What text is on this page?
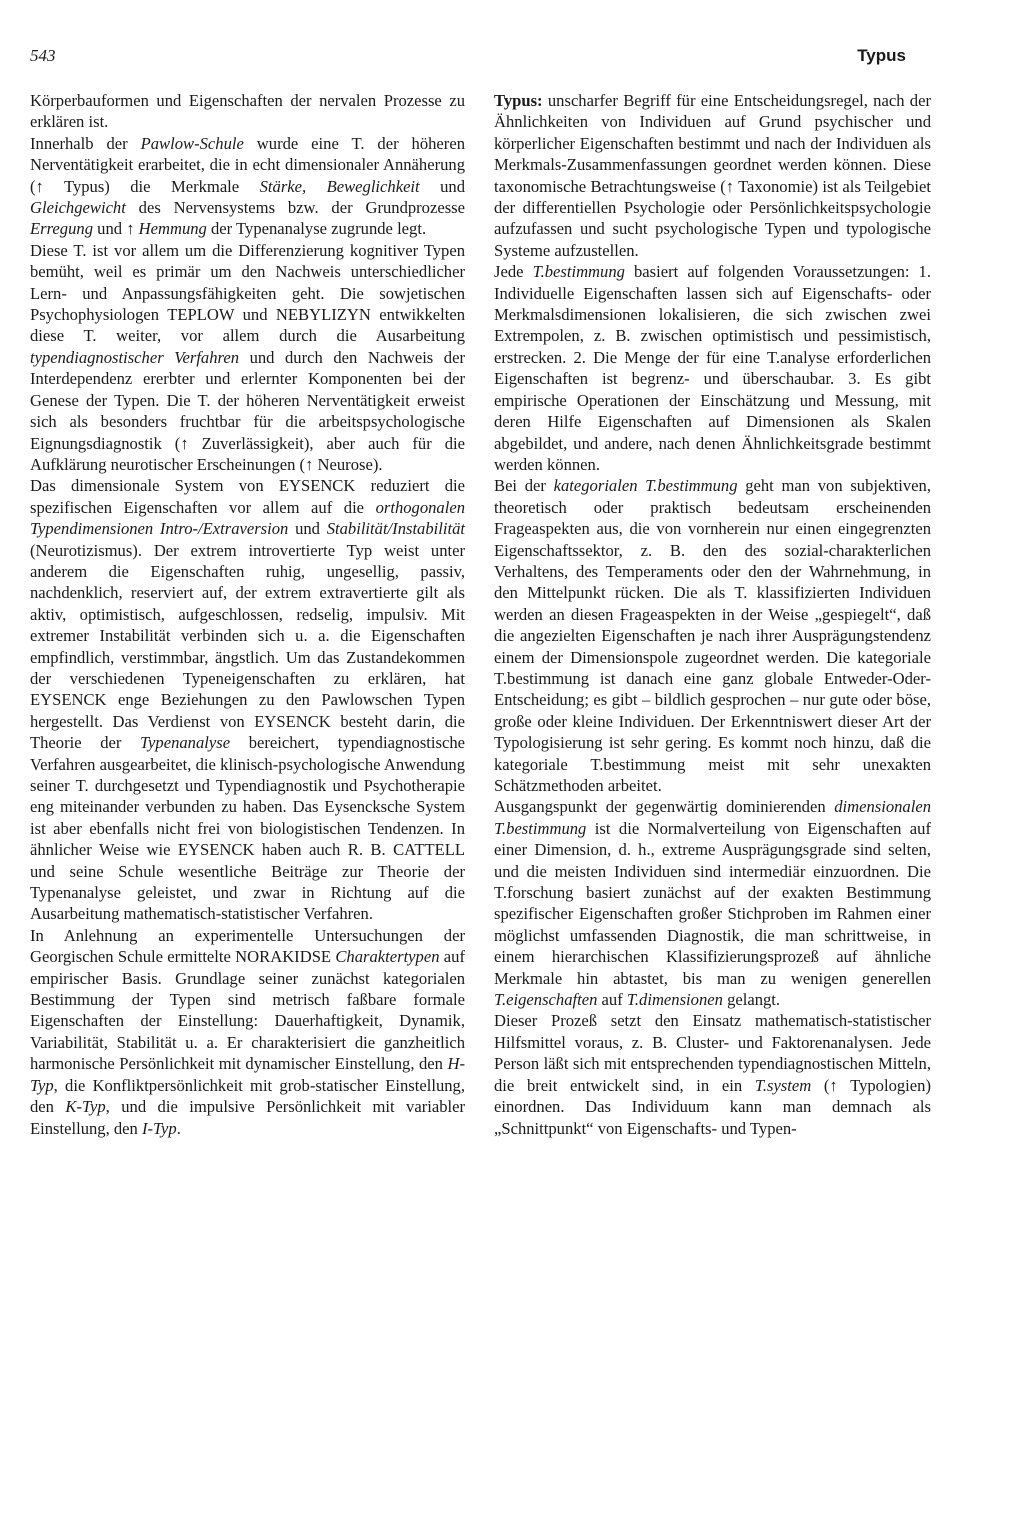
543	Typus

Körperbauformen und Eigenschaften der nervalen Prozesse zu erklären ist.

Innerhalb der Pawlow-Schule wurde eine T. der höheren Nerventätigkeit erarbeitet, die in echt dimensionaler Annäherung (↑ Typus) die Merkmale Stärke, Beweglichkeit und Gleichgewicht des Nervensystems bzw. der Grundprozesse Erregung und ↑ Hemmung der Typenanalyse zugrunde legt.

Diese T. ist vor allem um die Differenzierung kognitiver Typen bemüht, weil es primär um den Nachweis unterschiedlicher Lern- und Anpassungsfähigkeiten geht. Die sowjetischen Psychophysiologen TEPLOW und NEBYLIZYN entwikkelten diese T. weiter, vor allem durch die Ausarbeitung typendiagnostischer Verfahren und durch den Nachweis der Interdependenz ererbter und erlernter Komponenten bei der Genese der Typen. Die T. der höheren Nerventätigkeit erweist sich als besonders fruchtbar für die arbeitspsychologische Eignungsdiagnostik (↑ Zuverlässigkeit), aber auch für die Aufklärung neurotischer Erscheinungen (↑ Neurose).

Das dimensionale System von EYSENCK reduziert die spezifischen Eigenschaften vor allem auf die orthogonalen Typendimensionen Intro-/Extraversion und Stabilität/Instabilität (Neurotizismus). Der extrem introvertierte Typ weist unter anderem die Eigenschaften ruhig, ungesellig, passiv, nachdenklich, reserviert auf, der extrem extravertierte gilt als aktiv, optimistisch, aufgeschlossen, redselig, impulsiv. Mit extremer Instabilität verbinden sich u. a. die Eigenschaften empfindlich, verstimmbar, ängstlich. Um das Zustandekommen der verschiedenen Typeneigenschaften zu erklären, hat EYSENCK enge Beziehungen zu den Pawlowschen Typen hergestellt. Das Verdienst von EYSENCK besteht darin, die Theorie der Typenanalyse bereichert, typendiagnostische Verfahren ausgearbeitet, die klinisch-psychologische Anwendung seiner T. durchgesetzt und Typendiagnostik und Psychotherapie eng miteinander verbunden zu haben. Das Eysencksche System ist aber ebenfalls nicht frei von biologistischen Tendenzen. In ähnlicher Weise wie EYSENCK haben auch R. B. CATTELL und seine Schule wesentliche Beiträge zur Theorie der Typenanalyse geleistet, und zwar in Richtung auf die Ausarbeitung mathematisch-statistischer Verfahren.

In Anlehnung an experimentelle Untersuchungen der Georgischen Schule ermittelte NORAKIDSE Charaktertypen auf empirischer Basis. Grundlage seiner zunächst kategorialen Bestimmung der Typen sind metrisch faßbare formale Eigenschaften der Einstellung: Dauerhaftigkeit, Dynamik, Variabilität, Stabilität u. a. Er charakterisiert die ganzheitlich harmonische Persönlichkeit mit dynamischer Einstellung, den H-Typ, die Konfliktpersönlichkeit mit grob-statischer Einstellung, den K-Typ, und die impulsive Persönlichkeit mit variabler Einstellung, den I-Typ.

Typus: unscharfer Begriff für eine Entscheidungsregel, nach der Ähnlichkeiten von Individuen auf Grund psychischer und körperlicher Eigenschaften bestimmt und nach der Individuen als Merkmals-Zusammenfassungen geordnet werden können. Diese taxonomische Betrachtungsweise (↑ Taxonomie) ist als Teilgebiet der differentiellen Psychologie oder Persönlichkeitspsychologie aufzufassen und sucht psychologische Typen und typologische Systeme aufzustellen.

Jede T.bestimmung basiert auf folgenden Voraussetzungen: 1. Individuelle Eigenschaften lassen sich auf Eigenschafts- oder Merkmalsdimensionen lokalisieren, die sich zwischen zwei Extrempolen, z. B. zwischen optimistisch und pessimistisch, erstrecken. 2. Die Menge der für eine T.analyse erforderlichen Eigenschaften ist begrenz- und überschaubar. 3. Es gibt empirische Operationen der Einschätzung und Messung, mit deren Hilfe Eigenschaften auf Dimensionen als Skalen abgebildet, und andere, nach denen Ähnlichkeitsgrade bestimmt werden können.

Bei der kategorialen T.bestimmung geht man von subjektiven, theoretisch oder praktisch bedeutsam erscheinenden Frageaspekten aus, die von vornherein nur einen eingegrenzten Eigenschaftssektor, z. B. den des sozial-charakterlichen Verhaltens, des Temperaments oder den der Wahrnehmung, in den Mittelpunkt rücken. Die als T. klassifizierten Individuen werden an diesen Frageaspekten in der Weise „gespiegelt“, daß die angezielten Eigenschaften je nach ihrer Ausprägungstendenz einem der Dimensionspole zugeordnet werden. Die kategoriale T.bestimmung ist danach eine ganz globale Entweder-Oder-Entscheidung; es gibt – bildlich gesprochen – nur gute oder böse, große oder kleine Individuen. Der Erkenntniswert dieser Art der Typologisierung ist sehr gering. Es kommt noch hinzu, daß die kategoriale T.bestimmung meist mit sehr unexakten Schätzmethoden arbeitet.

Ausgangspunkt der gegenwärtig dominierenden dimensionalen T.bestimmung ist die Normalverteilung von Eigenschaften auf einer Dimension, d. h., extreme Ausprägungsgrade sind selten, und die meisten Individuen sind intermediär einzuordnen. Die T.forschung basiert zunächst auf der exakten Bestimmung spezifischer Eigenschaften großer Stichproben im Rahmen einer möglichst umfassenden Diagnostik, die man schrittweise, in einem hierarchischen Klassifizierungsprozeß auf ähnliche Merkmale hin abtastet, bis man zu wenigen generellen T.eigenschaften auf T.dimensionen gelangt.

Dieser Prozeß setzt den Einsatz mathematisch-statistischer Hilfsmittel voraus, z. B. Cluster- und Faktorenanalysen. Jede Person läßt sich mit entsprechenden typendiagnostischen Mitteln, die breit entwickelt sind, in ein T.system (↑ Typologien) einordnen. Das Individuum kann man demnach als „Schnittpunkt“ von Eigenschafts- und Typen-
